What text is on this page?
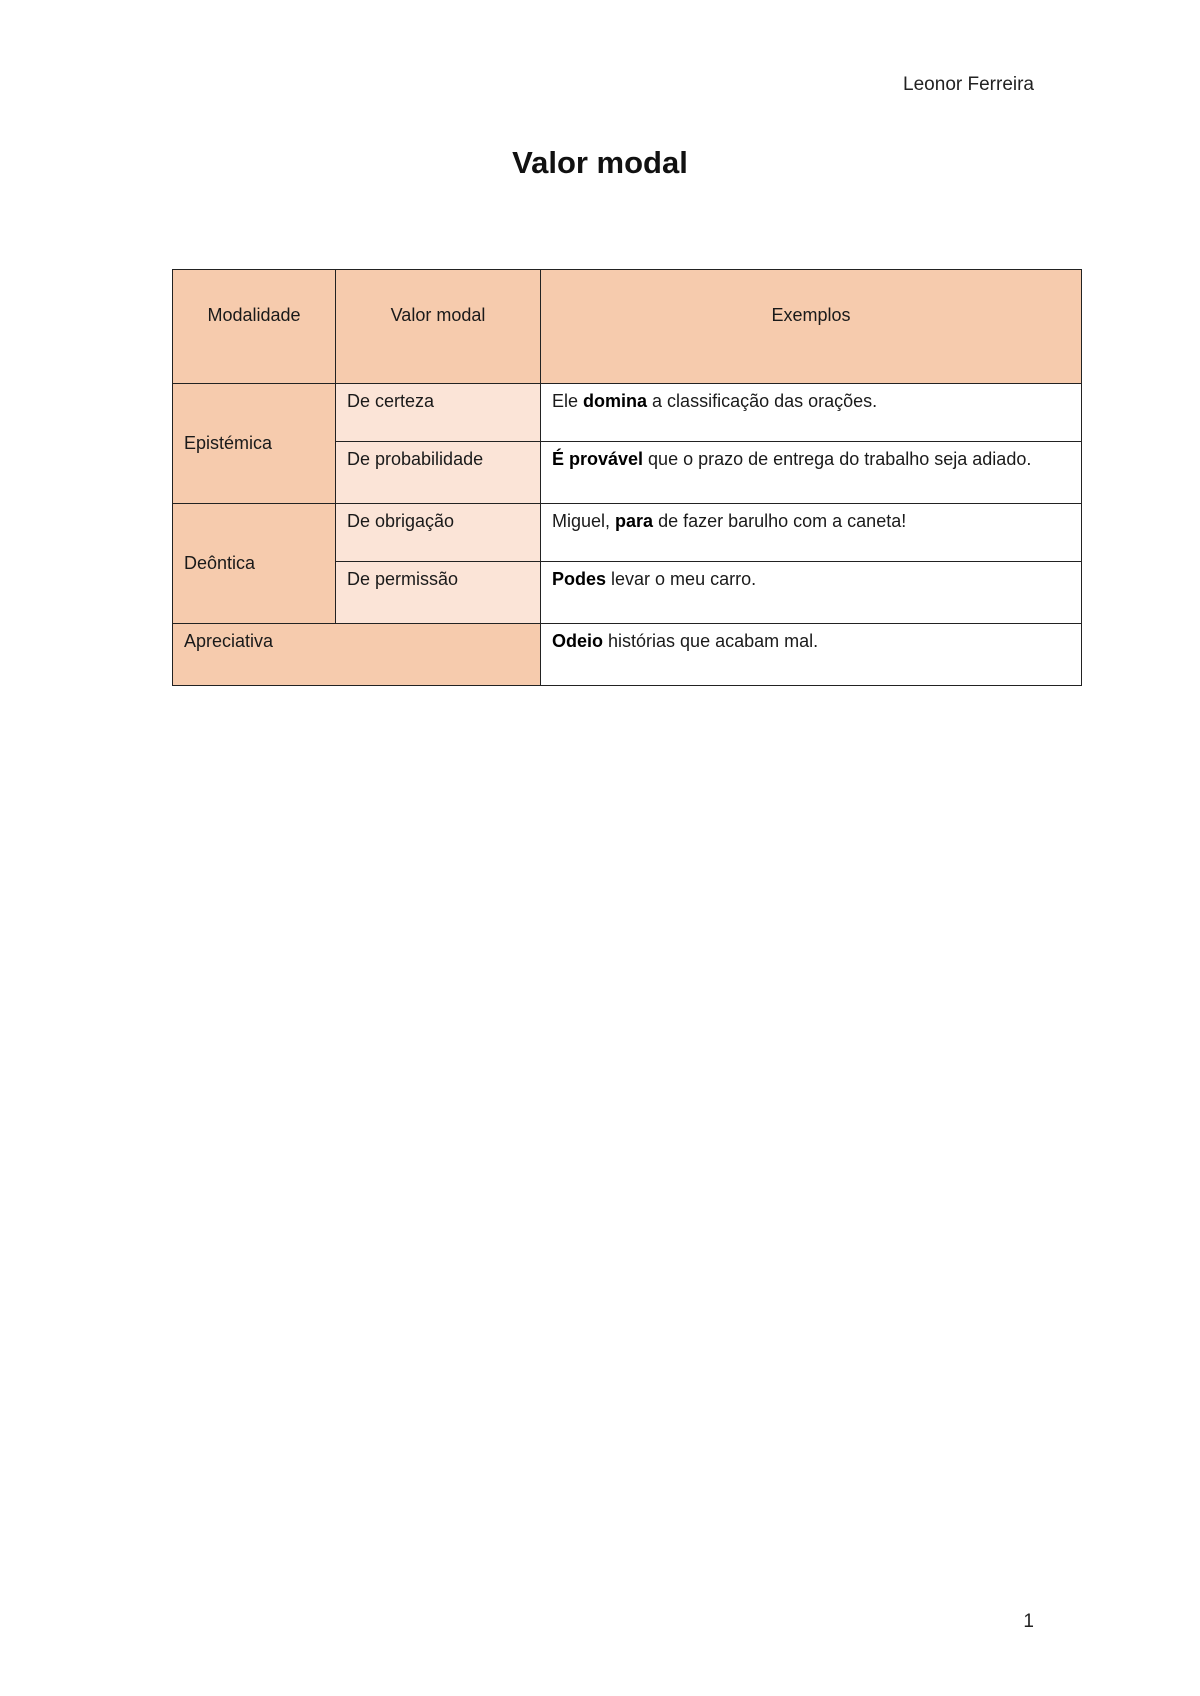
Leonor Ferreira
Valor modal
Modalidade	Valor modal	Exemplos
Epistémica	De certeza	Ele domina a classificação das orações.
	De probabilidade	É provável que o prazo de entrega do trabalho seja adiado.
Deôntica	De obrigação	Miguel, para de fazer barulho com a caneta!
	De permissão	Podes levar o meu carro.
Apreciativa		Odeio histórias que acabam mal.
1
